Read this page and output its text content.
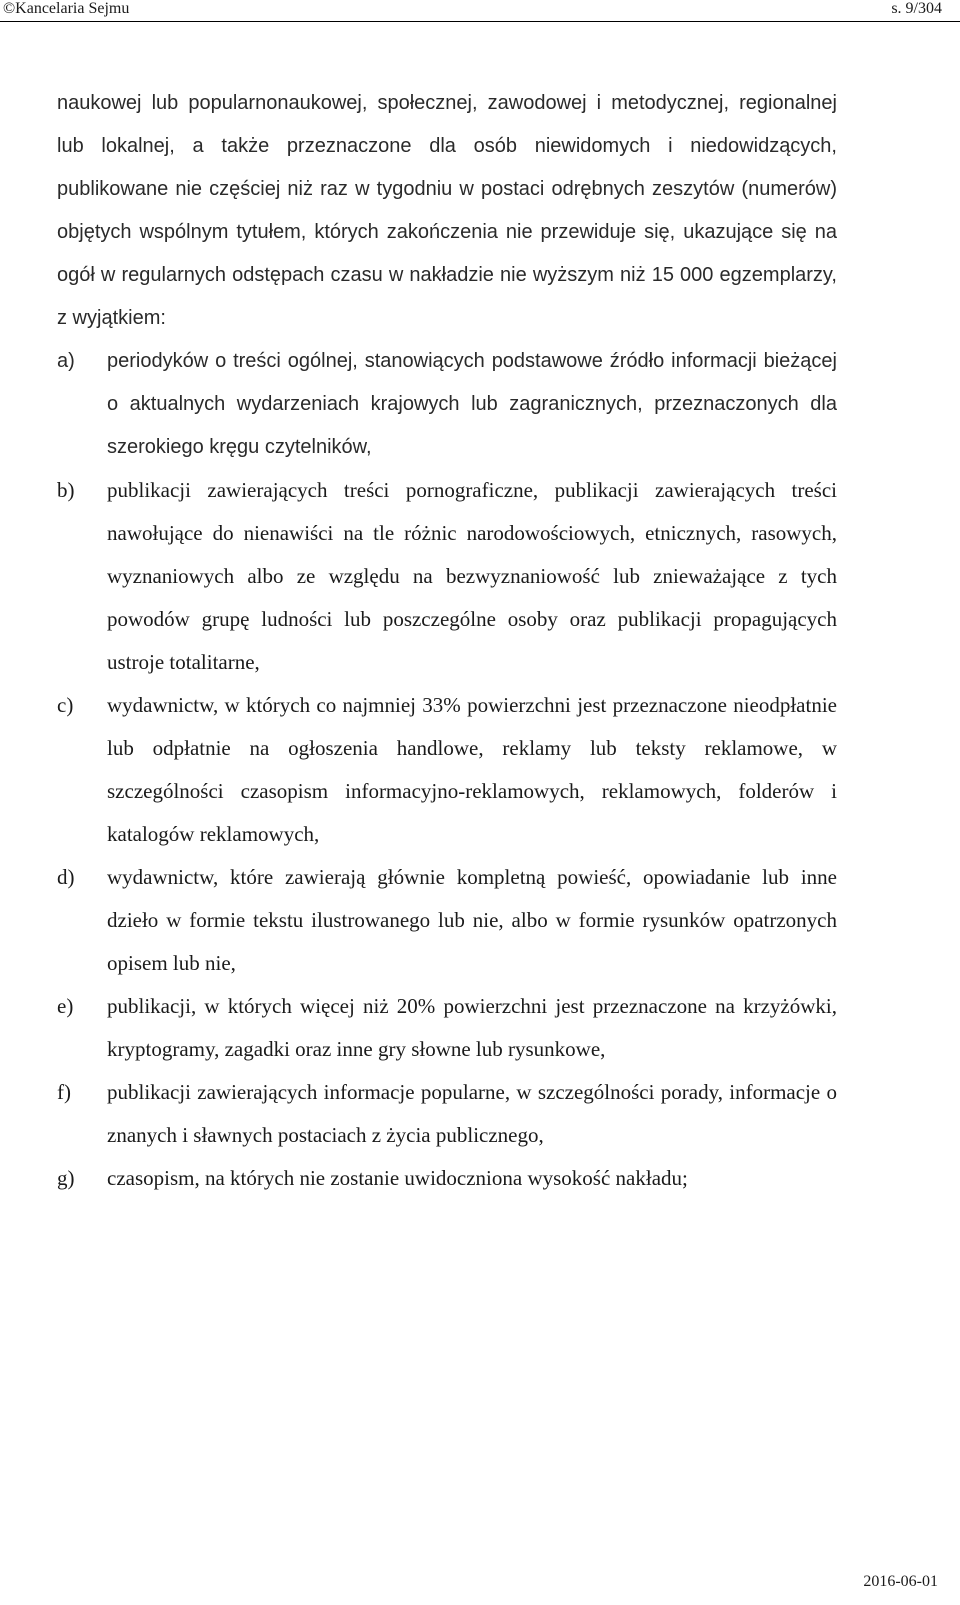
©Kancelaria Sejmu	s. 9/304
naukowej lub popularnonaukowej, społecznej, zawodowej i metodycznej, regionalnej lub lokalnej, a także przeznaczone dla osób niewidomych i niedowidzących, publikowane nie częściej niż raz w tygodniu w postaci odrębnych zeszytów (numerów) objętych wspólnym tytułem, których zakończenia nie przewiduje się, ukazujące się na ogół w regularnych odstępach czasu w nakładzie nie wyższym niż 15 000 egzemplarzy, z wyjątkiem:
a)	periodyków o treści ogólnej, stanowiących podstawowe źródło informacji bieżącej o aktualnych wydarzeniach krajowych lub zagranicznych, przeznaczonych dla szerokiego kręgu czytelników,
b)	publikacji zawierających treści pornograficzne, publikacji zawierających treści nawołujące do nienawiści na tle różnic narodowościowych, etnicznych, rasowych, wyznaniowych albo ze względu na bezwyznaniowość lub znieważające z tych powodów grupę ludności lub poszczególne osoby oraz publikacji propagujących ustroje totalitarne,
c)	wydawnictw, w których co najmniej 33% powierzchni jest przeznaczone nieodpłatnie lub odpłatnie na ogłoszenia handlowe, reklamy lub teksty reklamowe, w szczególności czasopism informacyjno-reklamowych, reklamowych, folderów i katalogów reklamowych,
d)	wydawnictw, które zawierają głównie kompletną powieść, opowiadanie lub inne dzieło w formie tekstu ilustrowanego lub nie, albo w formie rysunków opatrzonych opisem lub nie,
e)	publikacji, w których więcej niż 20% powierzchni jest przeznaczone na krzyżówki, kryptogramy, zagadki oraz inne gry słowne lub rysunkowe,
f)	publikacji zawierających informacje popularne, w szczególności porady, informacje o znanych i sławnych postaciach z życia publicznego,
g)	czasopism, na których nie zostanie uwidoczniona wysokość nakładu;
2016-06-01
